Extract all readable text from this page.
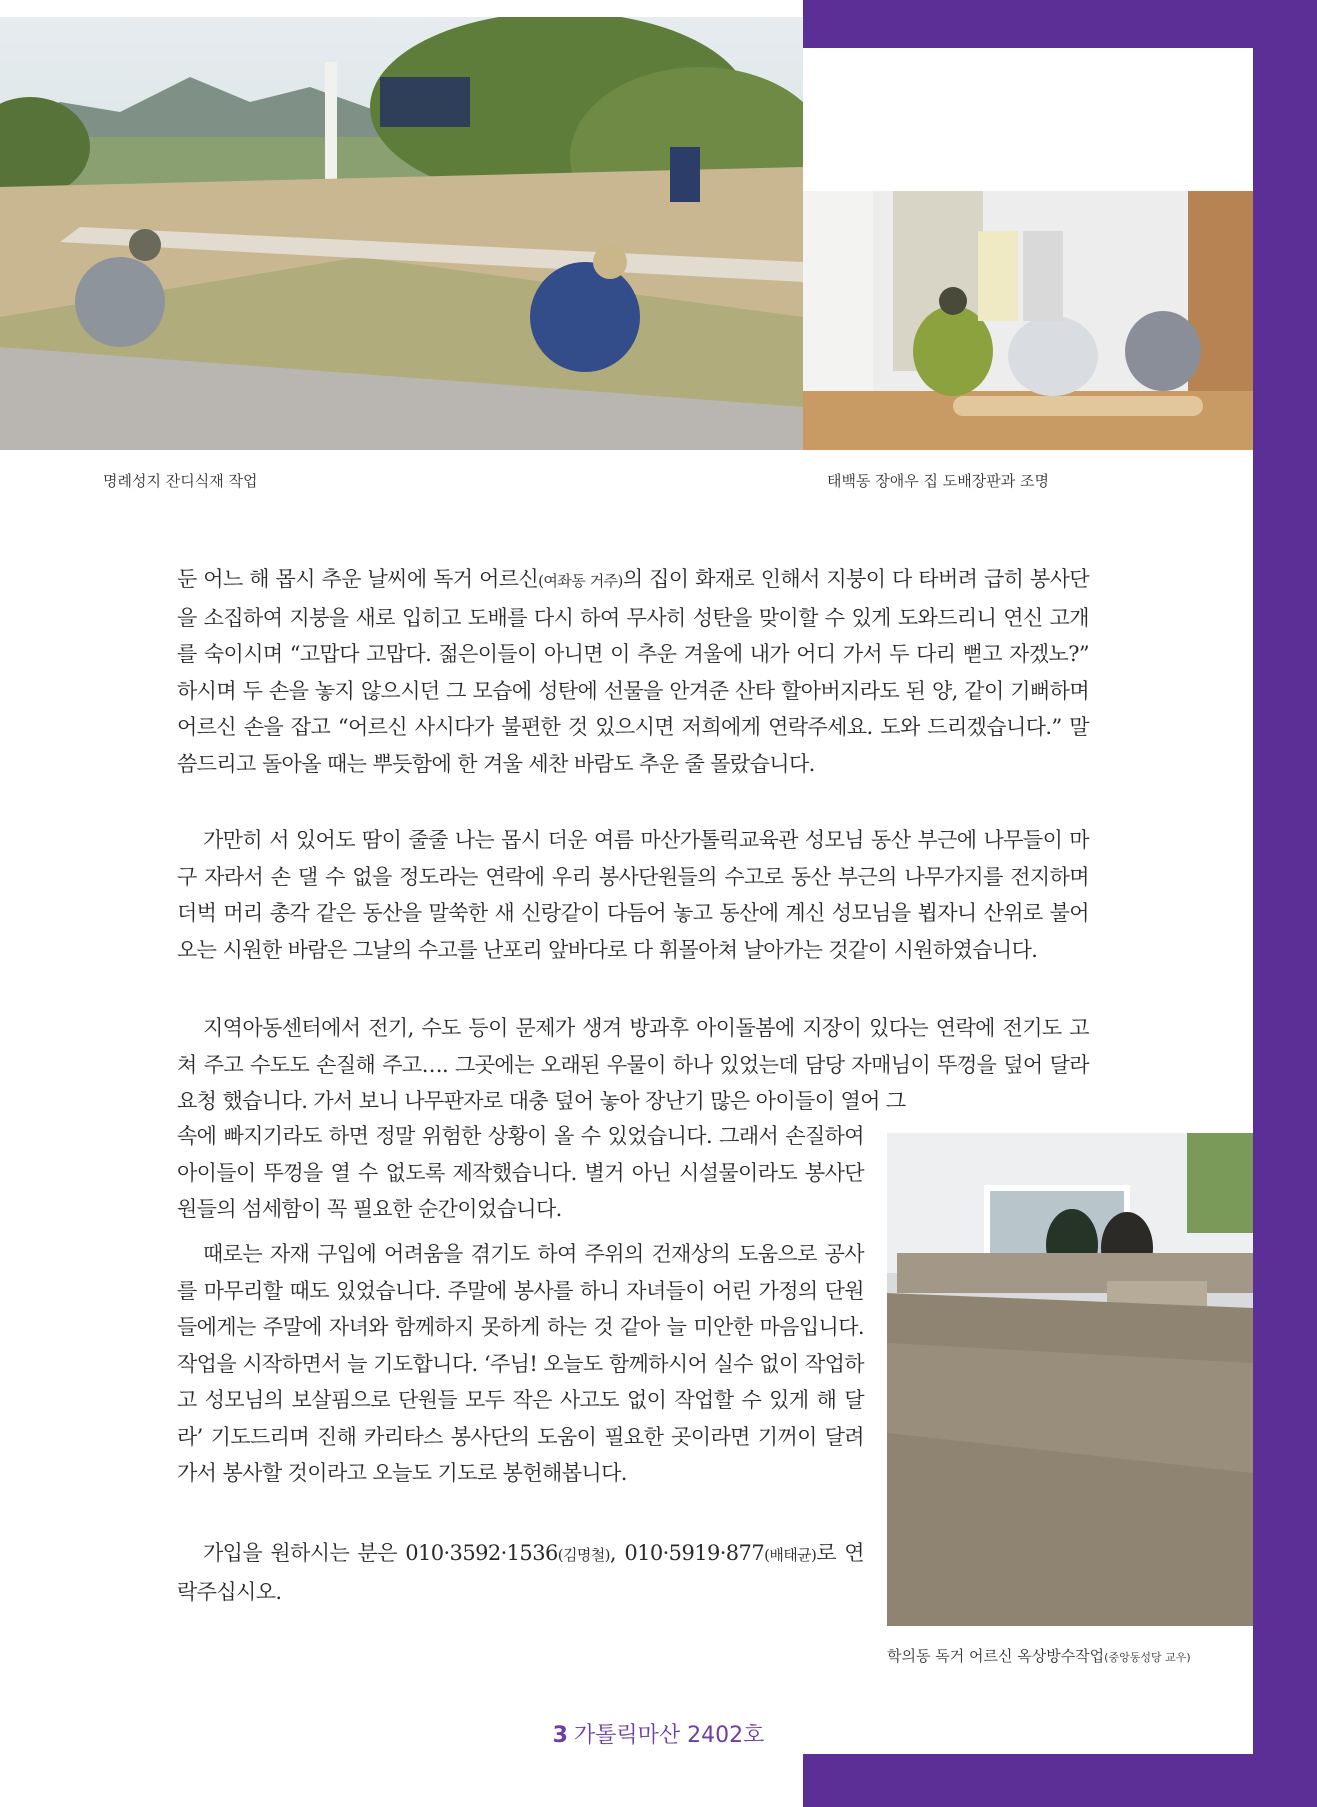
명례성지 잔디식재 작업	태백동 장애우 집 도배장판과 조명

둔 어느 해 몹시 추운 날씨에 독거 어르신(여좌동 거주)의 집이 화재로 인해서 지붕이 다 타버려 급히 봉사단을 소집하여 지붕을 새로 입히고 도배를 다시 하여 무사히 성탄을 맞이할 수 있게 도와드리니 연신 고개를 숙이시며 “고맙다 고맙다. 젊은이들이 아니면 이 추운 겨울에 내가 어디 가서 두 다리 뻗고 자겠노?” 하시며 두 손을 놓지 않으시던 그 모습에 성탄에 선물을 안겨준 산타 할아버지라도 된 양, 같이 기뻐하며 어르신 손을 잡고 “어르신 사시다가 불편한 것 있으시면 저희에게 연락주세요. 도와 드리겠습니다.” 말씀드리고 돌아올 때는 뿌듯함에 한 겨울 세찬 바람도 추운 줄 몰랐습니다.

가만히 서 있어도 땀이 줄줄 나는 몹시 더운 여름 마산가톨릭교육관 성모님 동산 부근에 나무들이 마구 자라서 손 댈 수 없을 정도라는 연락에 우리 봉사단원들의 수고로 동산 부근의 나무가지를 전지하며 더벅 머리 총각 같은 동산을 말쑥한 새 신랑같이 다듬어 놓고 동산에 계신 성모님을 뵙자니 산위로 불어오는 시원한 바람은 그날의 수고를 난포리 앞바다로 다 휘몰아쳐 날아가는 것같이 시원하였습니다.

지역아동센터에서 전기, 수도 등이 문제가 생겨 방과후 아이돌봄에 지장이 있다는 연락에 전기도 고쳐 주고 수도도 손질해 주고…. 그곳에는 오래된 우물이 하나 있었는데 담당 자매님이 뚜껑을 덮어 달라 요청 했습니다. 가서 보니 나무판자로 대충 덮어 놓아 장난기 많은 아이들이 열어 그

속에 빠지기라도 하면 정말 위험한 상황이 올 수 있었습니다. 그래서 손질하여 아이들이 뚜껑을 열 수 없도록 제작했습니다. 별거 아닌 시설물이라도 봉사단원들의 섬세함이 꼭 필요한 순간이었습니다.

때로는 자재 구입에 어려움을 겪기도 하여 주위의 건재상의 도움으로 공사를 마무리할 때도 있었습니다. 주말에 봉사를 하니 자녀들이 어린 가정의 단원들에게는 주말에 자녀와 함께하지 못하게 하는 것 같아 늘 미안한 마음입니다. 작업을 시작하면서 늘 기도합니다. ‘주님! 오늘도 함께하시어 실수 없이 작업하고 성모님의 보살핌으로 단원들 모두 작은 사고도 없이 작업할 수 있게 해 달라’ 기도드리며 진해 카리타스 봉사단의 도움이 필요한 곳이라면 기꺼이 달려가서 봉사할 것이라고 오늘도 기도로 봉헌해봅니다.

가입을 원하시는 분은 010·3592·1536(김명철), 010·5919·877(배태균)로 연락주십시오.

학의동 독거 어르신 옥상방수작업(중앙동성당 교우)
3 가톨릭마산 2402호
